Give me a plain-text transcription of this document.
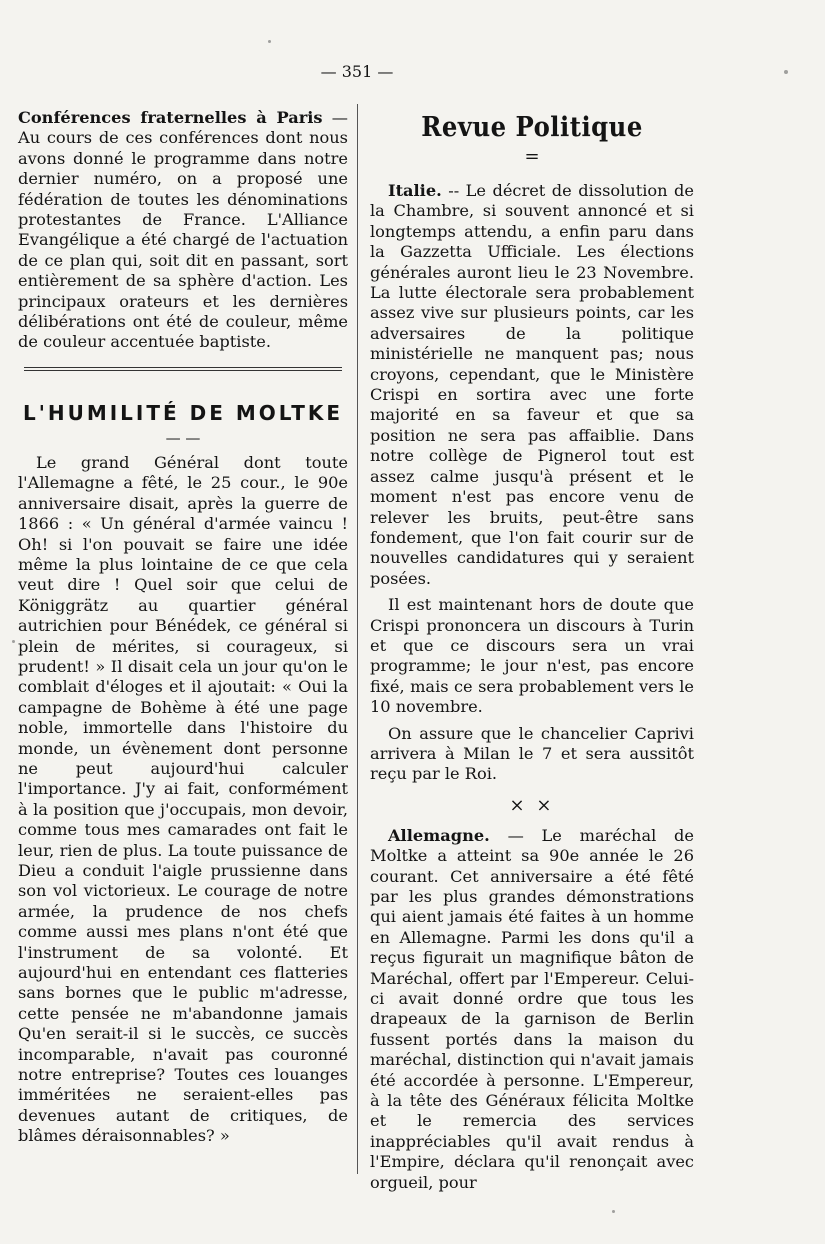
— 351 —

Conférences fraternelles à Paris — Au cours de ces conférences dont nous avons donné le programme dans notre dernier numéro, on a proposé une fédération de toutes les dénominations protestantes de France. L'Alliance Evangélique a été chargé de l'actuation de ce plan qui, soit dit en passant, sort entièrement de sa sphère d'action. Les principaux orateurs et les dernières délibérations ont été de couleur, même de couleur accentuée baptiste.

L'HUMILITÉ DE MOLTKE
— —

Le grand Général dont toute l'Allemagne a fêté, le 25 cour., le 90e anniversaire disait, après la guerre de 1866 : « Un général d'armée vaincu ! Oh! si l'on pouvait se faire une idée même la plus lointaine de ce que cela veut dire ! Quel soir que celui de Königgrätz au quartier général autrichien pour Bénédek, ce général si plein de mérites, si courageux, si prudent! » Il disait cela un jour qu'on le comblait d'éloges et il ajoutait: « Oui la campagne de Bohème à été une page noble, immortelle dans l'histoire du monde, un évènement dont personne ne peut aujourd'hui calculer l'importance. J'y ai fait, conformément à la position que j'occupais, mon devoir, comme tous mes camarades ont fait le leur, rien de plus. La toute puissance de Dieu a conduit l'aigle prussienne dans son vol victorieux. Le courage de notre armée, la prudence de nos chefs comme aussi mes plans n'ont été que l'instrument de sa volonté. Et aujourd'hui en entendant ces flatteries sans bornes que le public m'adresse, cette pensée ne m'abandonne jamais Qu'en serait-il si le succès, ce succès incomparable, n'avait pas couronné notre entreprise? Toutes ces louanges imméritées ne seraient-elles pas devenues autant de critiques, de blâmes déraisonnables? »

Revue Politique
=

Italie. -- Le décret de dissolution de la Chambre, si souvent annoncé et si longtemps attendu, a enfin paru dans la Gazzetta Ufficiale. Les élections générales auront lieu le 23 Novembre. La lutte électorale sera probablement assez vive sur plusieurs points, car les adversaires de la politique ministérielle ne manquent pas; nous croyons, cependant, que le Ministère Crispi en sortira avec une forte majorité en sa faveur et que sa position ne sera pas affaiblie. Dans notre collège de Pignerol tout est assez calme jusqu'à présent et le moment n'est pas encore venu de relever les bruits, peut-être sans fondement, que l'on fait courir sur de nouvelles candidatures qui y seraient posées.

Il est maintenant hors de doute que Crispi prononcera un discours à Turin et que ce discours sera un vrai programme; le jour n'est, pas encore fixé, mais ce sera probablement vers le 10 novembre.

On assure que le chancelier Caprivi arrivera à Milan le 7 et sera aussitôt reçu par le Roi.

× ×

Allemagne. — Le maréchal de Moltke a atteint sa 90e année le 26 courant. Cet anniversaire a été fêté par les plus grandes démonstrations qui aient jamais été faites à un homme en Allemagne. Parmi les dons qu'il a reçus figurait un magnifique bâton de Maréchal, offert par l'Empereur. Celui-ci avait donné ordre que tous les drapeaux de la garnison de Berlin fussent portés dans la maison du maréchal, distinction qui n'avait jamais été accordée à personne. L'Empereur, à la tête des Généraux félicita Moltke et le remercia des services inappréciables qu'il avait rendus à l'Empire, déclara qu'il renonçait avec orgueil, pour
